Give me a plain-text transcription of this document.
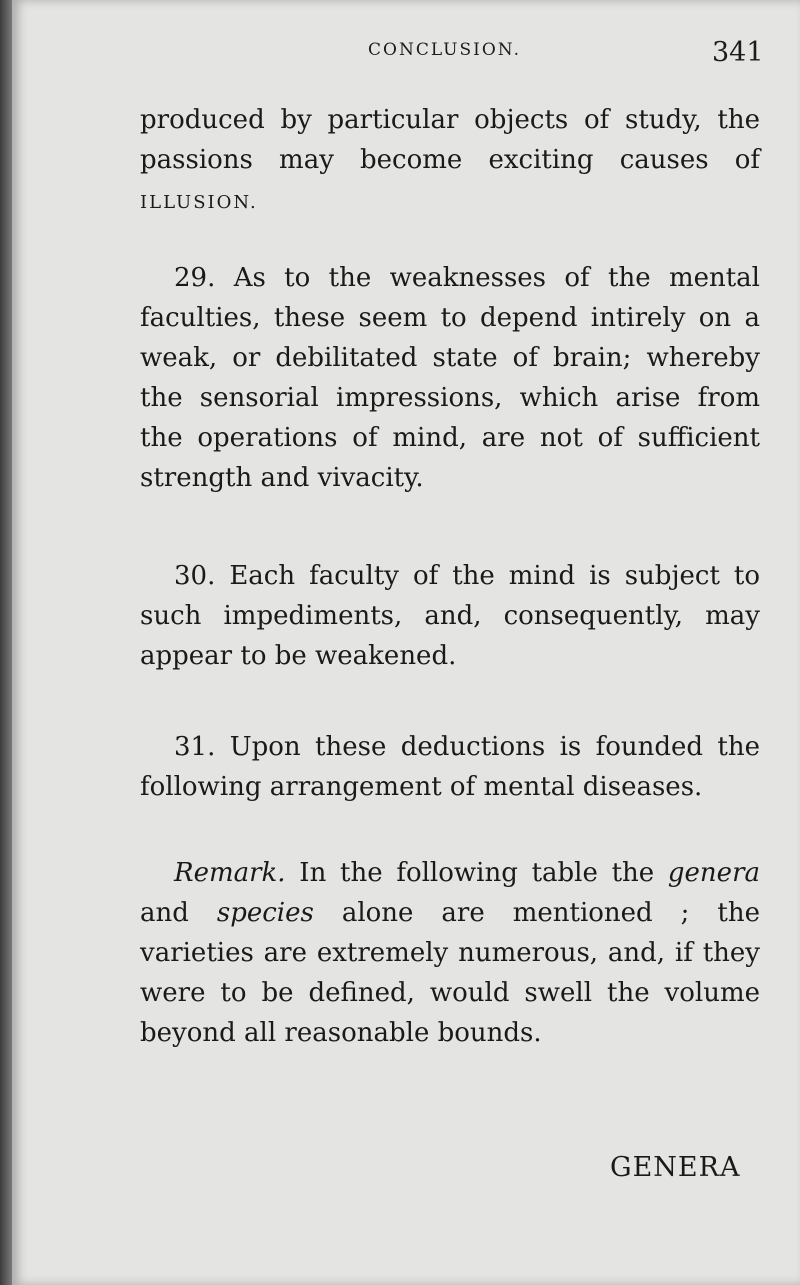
CONCLUSION.	341

produced by particular objects of study, the passions may become exciting causes of ILLUSION.

29. As to the weaknesses of the mental faculties, these seem to depend intirely on a weak, or debilitated state of brain; whereby the sensorial impressions, which arise from the operations of mind, are not of sufficient strength and vivacity.

30. Each faculty of the mind is subject to such impediments, and, consequently, may appear to be weakened.

31. Upon these deductions is founded the following arrangement of mental diseases.

Remark. In the following table the genera and species alone are mentioned ; the varieties are extremely numerous, and, if they were to be defined, would swell the volume beyond all reasonable bounds.

GENERA
